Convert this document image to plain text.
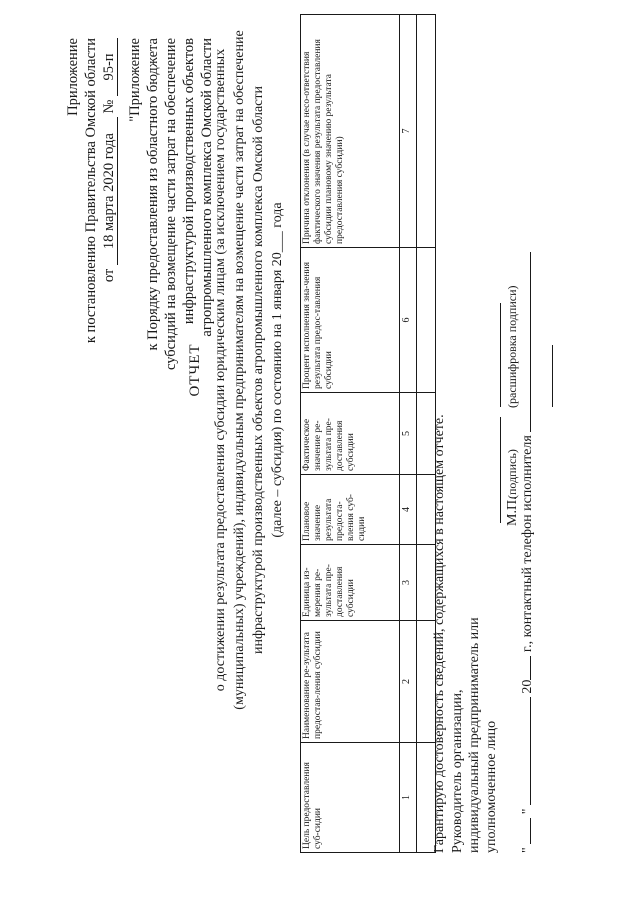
Приложение к постановлению Правительства Омской области от 18 марта 2020 года № 95-п "Приложение к Порядку предоставления из областного бюджета субсидий на возмещение части затрат на обеспечение инфраструктурой производственных объектов агропромышленного комплекса Омской области
ОТЧЕТ о достижении результата предоставления субсидии юридическим лицам (за исключением государственных (муниципальных) учреждений), индивидуальным предпринимателям на возмещение части затрат на обеспечение инфраструктурой производственных объектов агропромышленного комплекса Омской области (далее – субсидия) по состоянию на 1 января 20___ года
Цель предоставления суб-сидии	Наименование ре-зультата предостав-ления субсидии	Единица из-мерения ре-зультата пре-доставления субсидии	Плановое значение результата предоста-вления суб-сидии	Фактическое значение ре-зультата пре-доставления субсидии	Процент исполнения зна-чения результата предос-тавления субсидии	Причина отклонения (в случае несо-ответствия фактического значения результата предоставления субсидии плановому значению результата предоставления субсидии)
1	2	3	4	5	6	7

Гарантирую достоверность сведений, содержащихся в настоящем отчете. Руководитель организации, индивидуальный предприниматель или уполномоченное лицо
(подпись)
(расшифровка подписи)
М.П.
"  "  20 г., контактный телефон исполнителя
